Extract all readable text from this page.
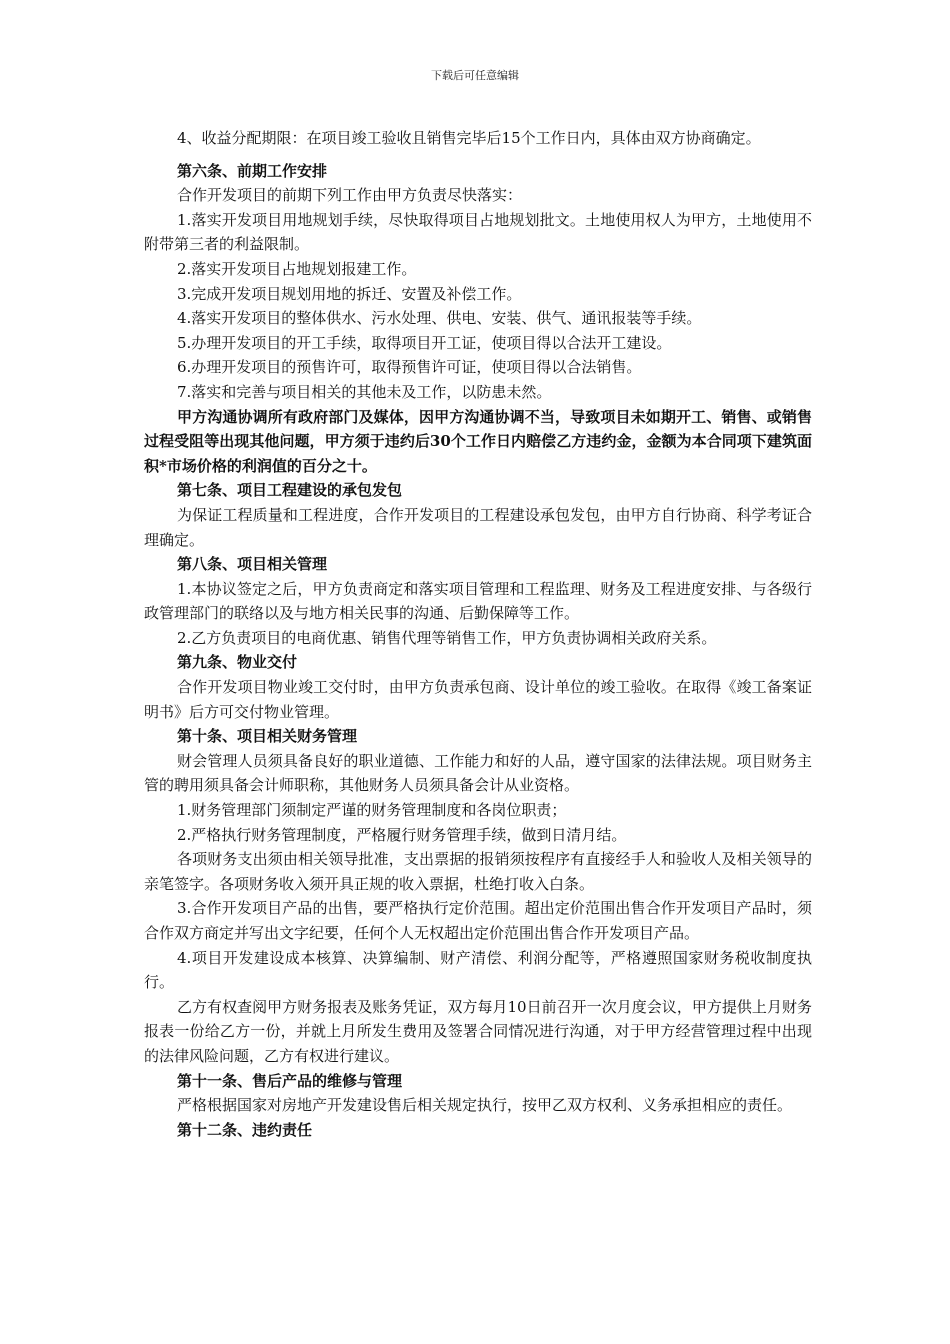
下载后可任意编辑

4、收益分配期限：在项目竣工验收且销售完毕后15个工作日内，具体由双方协商确定。

第六条、前期工作安排

合作开发项目的前期下列工作由甲方负责尽快落实：

1.落实开发项目用地规划手续，尽快取得项目占地规划批文。土地使用权人为甲方，土地使用不附带第三者的利益限制。

2.落实开发项目占地规划报建工作。

3.完成开发项目规划用地的拆迁、安置及补偿工作。

4.落实开发项目的整体供水、污水处理、供电、安装、供气、通讯报装等手续。

5.办理开发项目的开工手续，取得项目开工证，使项目得以合法开工建设。

6.办理开发项目的预售许可，取得预售许可证，使项目得以合法销售。

7.落实和完善与项目相关的其他未及工作，以防患未然。

甲方沟通协调所有政府部门及媒体，因甲方沟通协调不当，导致项目未如期开工、销售、或销售过程受阻等出现其他问题，甲方须于违约后30个工作日内赔偿乙方违约金，金额为本合同项下建筑面积*市场价格的利润值的百分之十。

第七条、项目工程建设的承包发包

为保证工程质量和工程进度，合作开发项目的工程建设承包发包，由甲方自行协商、科学考证合理确定。

第八条、项目相关管理

1.本协议签定之后，甲方负责商定和落实项目管理和工程监理、财务及工程进度安排、与各级行政管理部门的联络以及与地方相关民事的沟通、后勤保障等工作。

2.乙方负责项目的电商优惠、销售代理等销售工作，甲方负责协调相关政府关系。

第九条、物业交付

合作开发项目物业竣工交付时，由甲方负责承包商、设计单位的竣工验收。在取得《竣工备案证明书》后方可交付物业管理。

第十条、项目相关财务管理

财会管理人员须具备良好的职业道德、工作能力和好的人品，遵守国家的法律法规。项目财务主管的聘用须具备会计师职称，其他财务人员须具备会计从业资格。

1.财务管理部门须制定严谨的财务管理制度和各岗位职责；

2.严格执行财务管理制度，严格履行财务管理手续，做到日清月结。

各项财务支出须由相关领导批准，支出票据的报销须按程序有直接经手人和验收人及相关领导的亲笔签字。各项财务收入须开具正规的收入票据，杜绝打收入白条。

3.合作开发项目产品的出售，要严格执行定价范围。超出定价范围出售合作开发项目产品时，须合作双方商定并写出文字纪要，任何个人无权超出定价范围出售合作开发项目产品。

4.项目开发建设成本核算、决算编制、财产清偿、利润分配等，严格遵照国家财务税收制度执行。

乙方有权查阅甲方财务报表及账务凭证，双方每月10日前召开一次月度会议，甲方提供上月财务报表一份给乙方一份，并就上月所发生费用及签署合同情况进行沟通，对于甲方经营管理过程中出现的法律风险问题，乙方有权进行建议。

第十一条、售后产品的维修与管理

严格根据国家对房地产开发建设售后相关规定执行，按甲乙双方权利、义务承担相应的责任。

第十二条、违约责任
